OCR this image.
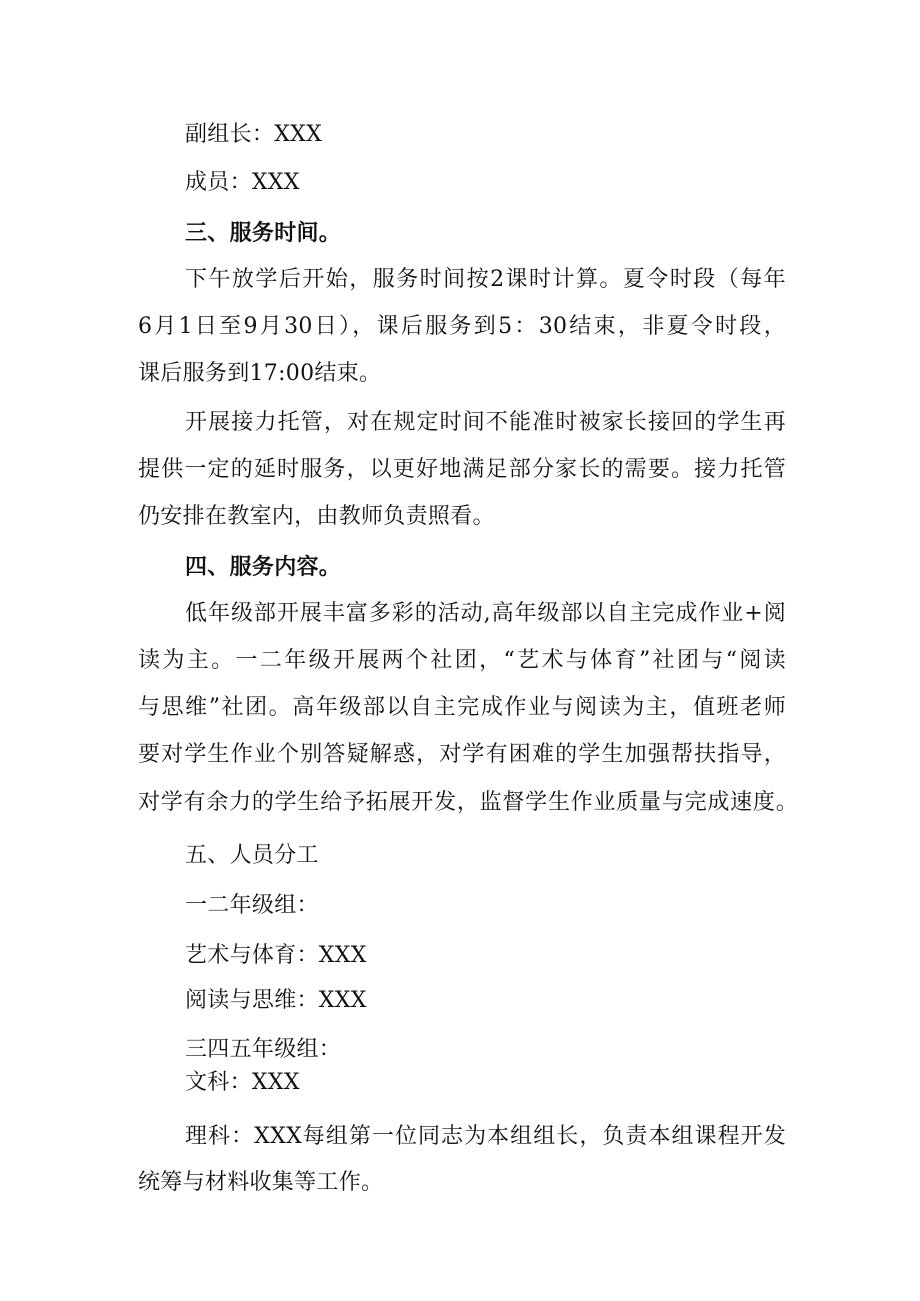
副组长：XXX
成员：XXX
三、服务时间。
下午放学后开始，服务时间按2课时计算。夏令时段（每年
6月1日至9月30日），课后服务到5：30结束，非夏令时段，
课后服务到17:00结束。
开展接力托管，对在规定时间不能准时被家长接回的学生再
提供一定的延时服务，以更好地满足部分家长的需要。接力托管
仍安排在教室内，由教师负责照看。
四、服务内容。
低年级部开展丰富多彩的活动,高年级部以自主完成作业+阅
读为主。一二年级开展两个社团，“艺术与体育”社团与“阅读
与思维”社团。高年级部以自主完成作业与阅读为主，值班老师
要对学生作业个别答疑解惑，对学有困难的学生加强帮扶指导，
对学有余力的学生给予拓展开发，监督学生作业质量与完成速度。
五、人员分工
一二年级组：
艺术与体育：XXX
阅读与思维：XXX
三四五年级组：
文科：XXX
理科：XXX每组第一位同志为本组组长，负责本组课程开发
统筹与材料收集等工作。
